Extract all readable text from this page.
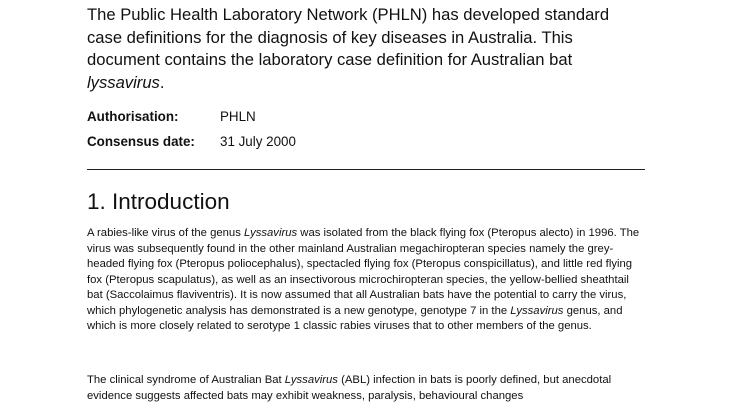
The Public Health Laboratory Network (PHLN) has developed standard case definitions for the diagnosis of key diseases in Australia. This document contains the laboratory case definition for Australian bat lyssavirus.

Authorisation:	PHLN
Consensus date: 31 July 2000
1. Introduction

A rabies-like virus of the genus Lyssavirus was isolated from the black flying fox (Pteropus alecto) in 1996. The virus was subsequently found in the other mainland Australian megachiropteran species namely the grey-headed flying fox (Pteropus poliocephalus), spectacled flying fox (Pteropus conspicillatus), and little red flying fox (Pteropus scapulatus), as well as an insectivorous microchiropteran species, the yellow-bellied sheathtail bat (Saccolaimus flaviventris). It is now assumed that all Australian bats have the potential to carry the virus, which phylogenetic analysis has demonstrated is a new genotype, genotype 7 in the Lyssavirus genus, and which is more closely related to serotype 1 classic rabies viruses that to other members of the genus.

The clinical syndrome of Australian Bat Lyssavirus (ABL) infection in bats is poorly defined, but anecdotal evidence suggests affected bats may exhibit weakness, paralysis, behavioural changes
